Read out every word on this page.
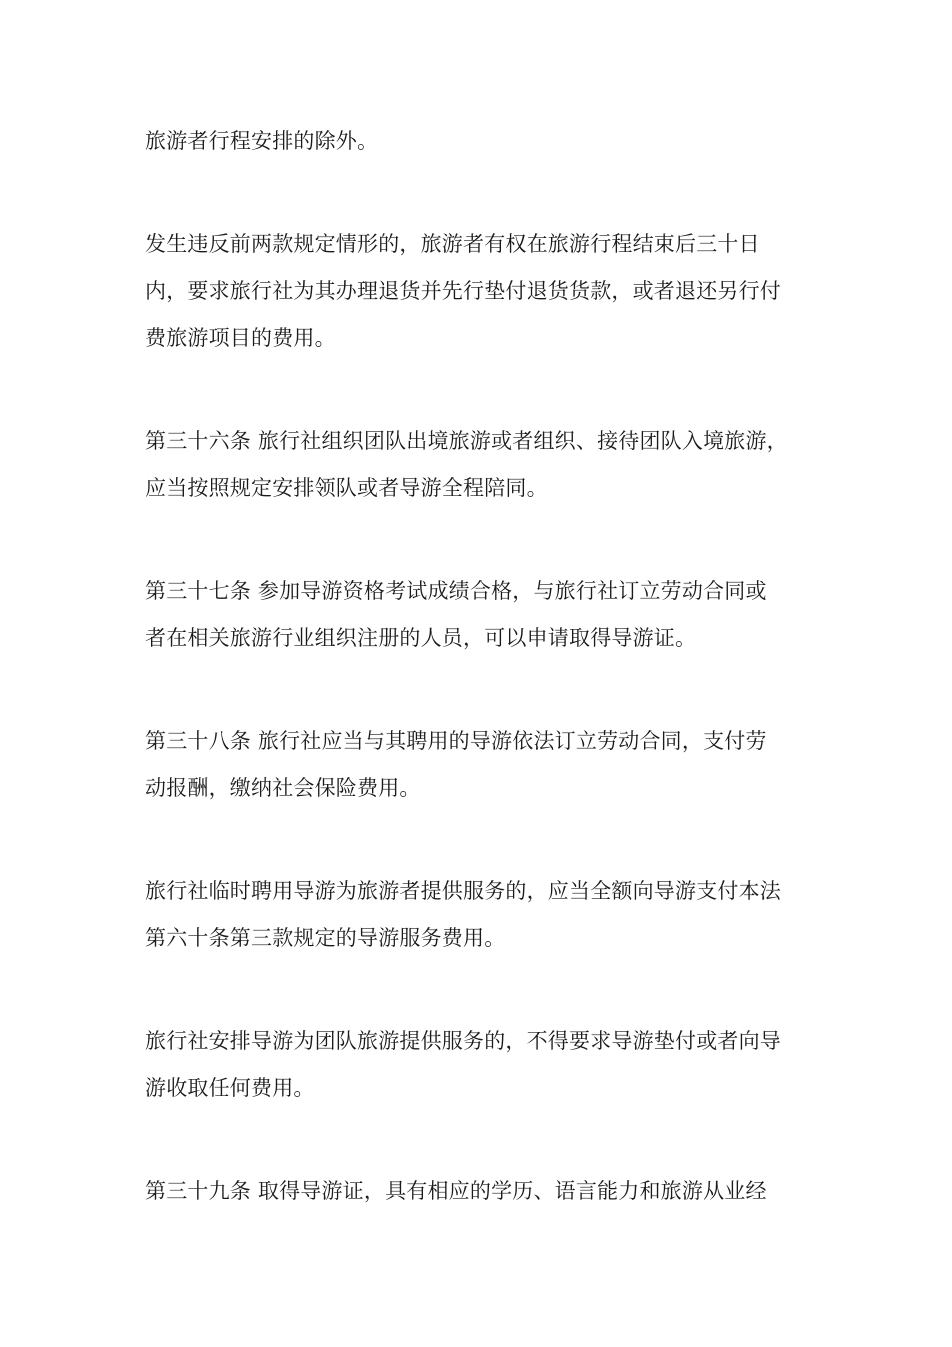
旅游者行程安排的除外。

发生违反前两款规定情形的，旅游者有权在旅游行程结束后三十日
内，要求旅行社为其办理退货并先行垫付退货货款，或者退还另行付
费旅游项目的费用。

第三十六条 旅行社组织团队出境旅游或者组织、接待团队入境旅游，
应当按照规定安排领队或者导游全程陪同。

第三十七条 参加导游资格考试成绩合格，与旅行社订立劳动合同或
者在相关旅游行业组织注册的人员，可以申请取得导游证。

第三十八条 旅行社应当与其聘用的导游依法订立劳动合同，支付劳
动报酬，缴纳社会保险费用。

旅行社临时聘用导游为旅游者提供服务的，应当全额向导游支付本法
第六十条第三款规定的导游服务费用。

旅行社安排导游为团队旅游提供服务的，不得要求导游垫付或者向导
游收取任何费用。

第三十九条 取得导游证，具有相应的学历、语言能力和旅游从业经
